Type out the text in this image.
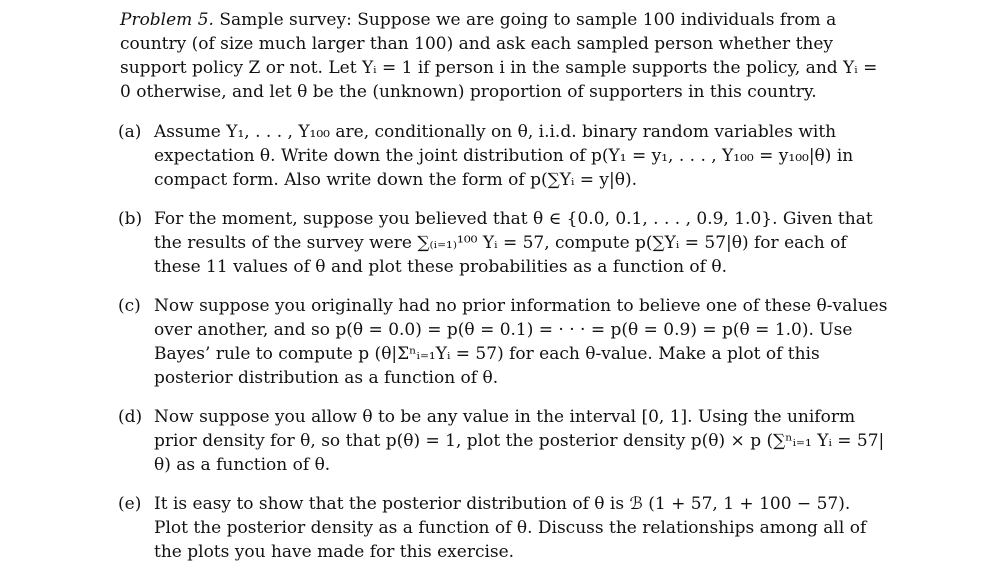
Problem 5. Sample survey: Suppose we are going to sample 100 individuals from a country (of size much larger than 100) and ask each sampled person whether they support policy Z or not. Let Yᵢ = 1 if person i in the sample supports the policy, and Yᵢ = 0 otherwise, and let θ be the (unknown) proportion of supporters in this country.
(a) Assume Y₁, . . . , Y₁₀₀ are, conditionally on θ, i.i.d. binary random variables with expectation θ. Write down the joint distribution of p(Y₁ = y₁, . . . , Y₁₀₀ = y₁₀₀|θ) in compact form. Also write down the form of p(∑Yᵢ = y|θ).
(b) For the moment, suppose you believed that θ ∈ {0.0, 0.1, . . . , 0.9, 1.0}. Given that the results of the survey were ∑₍ᵢ₌₁₎¹⁰⁰ Yᵢ = 57, compute p(∑Yᵢ = 57|θ) for each of these 11 values of θ and plot these probabilities as a function of θ.
(c) Now suppose you originally had no prior information to believe one of these θ-values over another, and so p(θ = 0.0) = p(θ = 0.1) = · · · = p(θ = 0.9) = p(θ = 1.0). Use Bayes’ rule to compute p (θ|Σⁿᵢ₌₁Yᵢ = 57) for each θ-value. Make a plot of this posterior distribution as a function of θ.
(d) Now suppose you allow θ to be any value in the interval [0, 1]. Using the uniform prior density for θ, so that p(θ) = 1, plot the posterior density p(θ) × p (∑ⁿᵢ₌₁ Yᵢ = 57|θ) as a function of θ.
(e) It is easy to show that the posterior distribution of θ is ℬ (1 + 57, 1 + 100 − 57). Plot the posterior density as a function of θ. Discuss the relationships among all of the plots you have made for this exercise.
